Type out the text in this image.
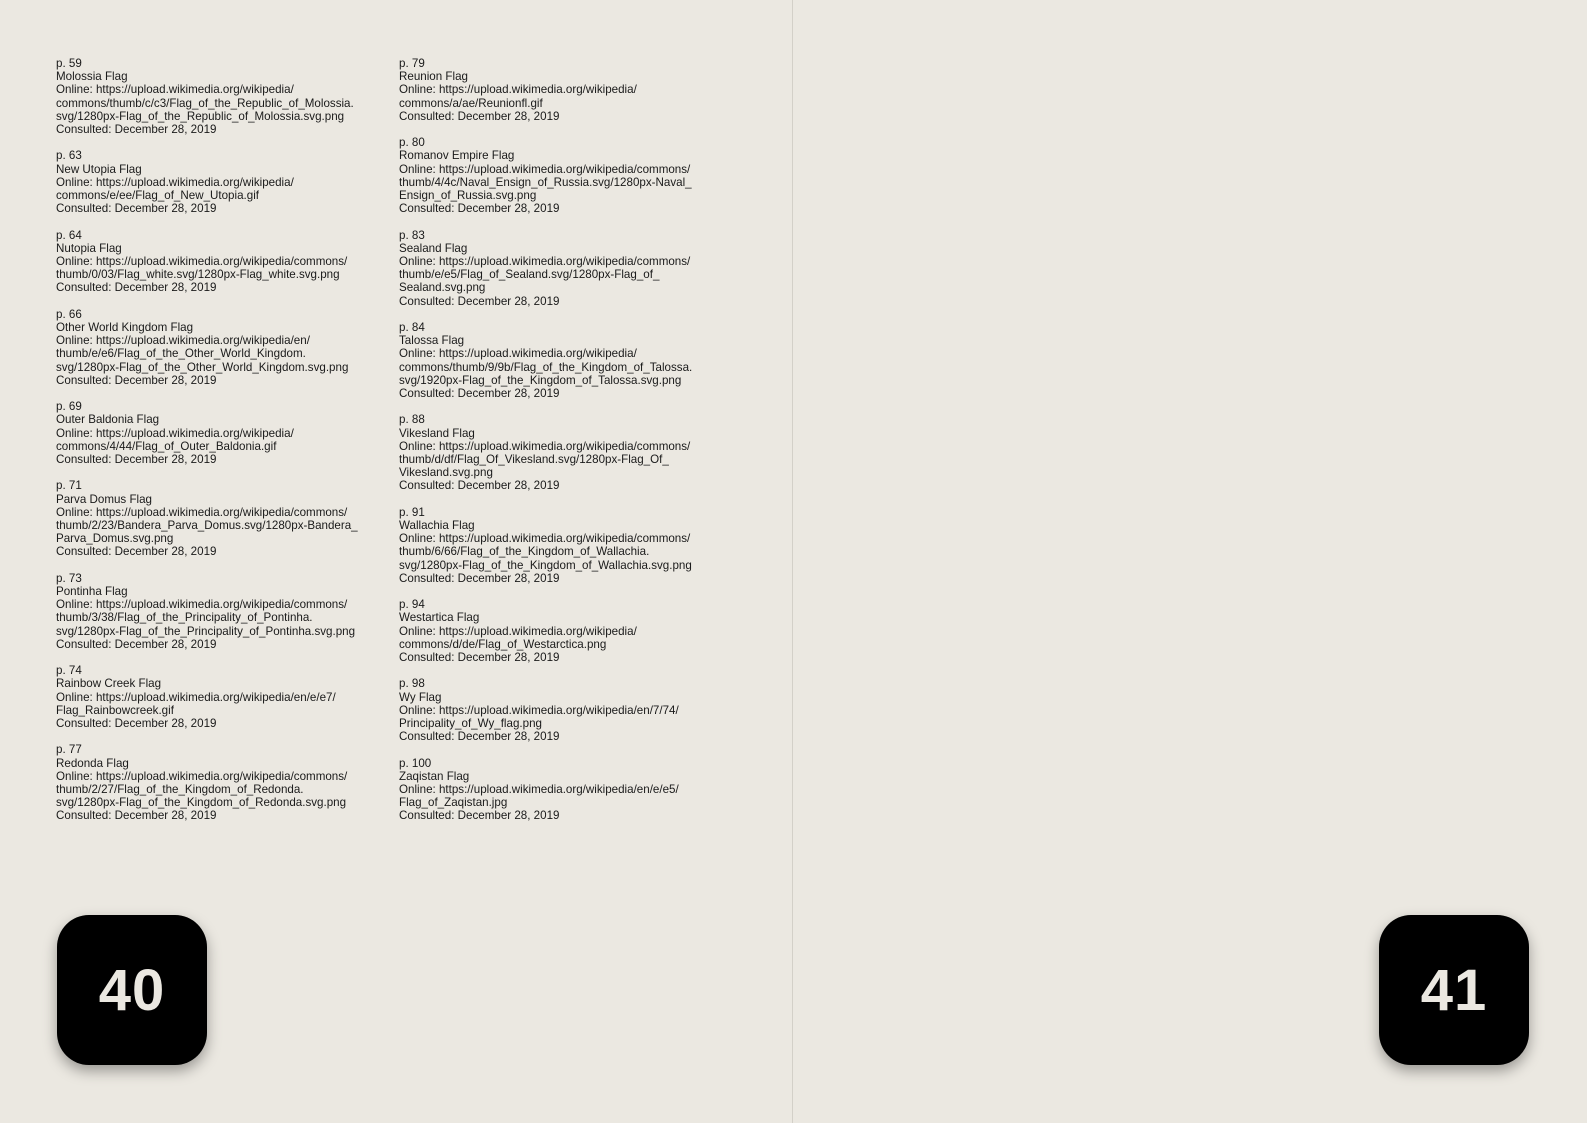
p. 59
Molossia Flag
Online: https://upload.wikimedia.org/wikipedia/
commons/thumb/c/c3/Flag_of_the_Republic_of_Molossia.
svg/1280px-Flag_of_the_Republic_of_Molossia.svg.png
Consulted: December 28, 2019
p. 63
New Utopia Flag
Online: https://upload.wikimedia.org/wikipedia/
commons/e/ee/Flag_of_New_Utopia.gif
Consulted: December 28, 2019
p. 64
Nutopia Flag
Online: https://upload.wikimedia.org/wikipedia/commons/
thumb/0/03/Flag_white.svg/1280px-Flag_white.svg.png
Consulted: December 28, 2019
p. 66
Other World Kingdom Flag
Online: https://upload.wikimedia.org/wikipedia/en/
thumb/e/e6/Flag_of_the_Other_World_Kingdom.
svg/1280px-Flag_of_the_Other_World_Kingdom.svg.png
Consulted: December 28, 2019
p. 69
Outer Baldonia Flag
Online: https://upload.wikimedia.org/wikipedia/
commons/4/44/Flag_of_Outer_Baldonia.gif
Consulted: December 28, 2019
p. 71
Parva Domus Flag
Online: https://upload.wikimedia.org/wikipedia/commons/
thumb/2/23/Bandera_Parva_Domus.svg/1280px-Bandera_
Parva_Domus.svg.png
Consulted: December 28, 2019
p. 73
Pontinha Flag
Online: https://upload.wikimedia.org/wikipedia/commons/
thumb/3/38/Flag_of_the_Principality_of_Pontinha.
svg/1280px-Flag_of_the_Principality_of_Pontinha.svg.png
Consulted: December 28, 2019
p. 74
Rainbow Creek Flag
Online: https://upload.wikimedia.org/wikipedia/en/e/e7/
Flag_Rainbowcreek.gif
Consulted: December 28, 2019
p. 77
Redonda Flag
Online: https://upload.wikimedia.org/wikipedia/commons/
thumb/2/27/Flag_of_the_Kingdom_of_Redonda.
svg/1280px-Flag_of_the_Kingdom_of_Redonda.svg.png
Consulted: December 28, 2019
p. 79
Reunion Flag
Online: https://upload.wikimedia.org/wikipedia/
commons/a/ae/Reunionfl.gif
Consulted: December 28, 2019
p. 80
Romanov Empire Flag
Online: https://upload.wikimedia.org/wikipedia/commons/
thumb/4/4c/Naval_Ensign_of_Russia.svg/1280px-Naval_
Ensign_of_Russia.svg.png
Consulted: December 28, 2019
p. 83
Sealand Flag
Online: https://upload.wikimedia.org/wikipedia/commons/
thumb/e/e5/Flag_of_Sealand.svg/1280px-Flag_of_
Sealand.svg.png
Consulted: December 28, 2019
p. 84
Talossa Flag
Online: https://upload.wikimedia.org/wikipedia/
commons/thumb/9/9b/Flag_of_the_Kingdom_of_Talossa.
svg/1920px-Flag_of_the_Kingdom_of_Talossa.svg.png
Consulted: December 28, 2019
p. 88
Vikesland Flag
Online: https://upload.wikimedia.org/wikipedia/commons/
thumb/d/df/Flag_Of_Vikesland.svg/1280px-Flag_Of_
Vikesland.svg.png
Consulted: December 28, 2019
p. 91
Wallachia Flag
Online: https://upload.wikimedia.org/wikipedia/commons/
thumb/6/66/Flag_of_the_Kingdom_of_Wallachia.
svg/1280px-Flag_of_the_Kingdom_of_Wallachia.svg.png
Consulted: December 28, 2019
p. 94
Westartica Flag
Online: https://upload.wikimedia.org/wikipedia/
commons/d/de/Flag_of_Westarctica.png
Consulted: December 28, 2019
p. 98
Wy Flag
Online: https://upload.wikimedia.org/wikipedia/en/7/74/
Principality_of_Wy_flag.png
Consulted: December 28, 2019
p. 100
Zaqistan Flag
Online: https://upload.wikimedia.org/wikipedia/en/e/e5/
Flag_of_Zaqistan.jpg
Consulted: December 28, 2019
40	41
